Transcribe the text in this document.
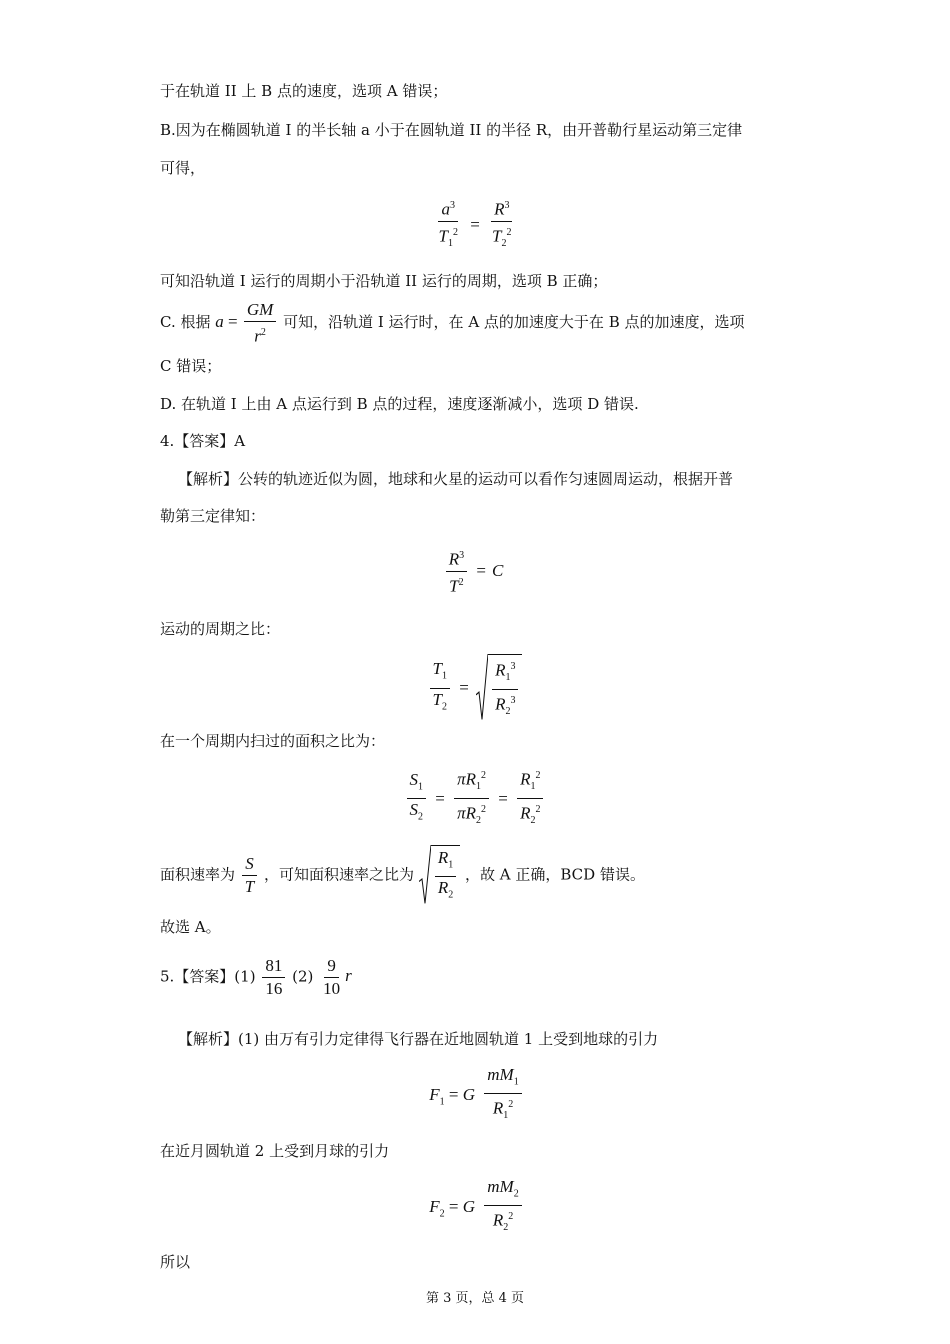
于在轨道 II 上 B 点的速度，选项 A 错误；
B.因为在椭圆轨道 I 的半长轴 a 小于在圆轨道 II 的半径 R，由开普勒行星运动第三定律
可得，
$\frac{a^3}{T_1^2} = \frac{R^3}{T_2^2}$
可知沿轨道 I 运行的周期小于沿轨道 II 运行的周期，选项 B 正确；
C. 根据 $a = \frac{GM}{r^2}$ 可知，沿轨道 I 运行时，在 A 点的加速度大于在 B 点的加速度，选项
C 错误；
D. 在轨道 I 上由 A 点运行到 B 点的过程，速度逐渐减小，选项 D 错误.
4.【答案】A
【解析】公转的轨迹近似为圆，地球和火星的运动可以看作匀速圆周运动，根据开普
勒第三定律知：
$\frac{R^3}{T^2} = C$
运动的周期之比：
$\frac{T_1}{T_2} = \frac{R_1^3}{R_2^3}$
在一个周期内扫过的面积之比为：
$\frac{S_1}{S_2} = \frac{\pi R_1^2}{\pi R_2^2} = \frac{R_1^2}{R_2^2}$
面积速率为 $\frac{S}{T}$ ，可知面积速率之比为 $\frac{R_1}{R_2}$ ，故 A 正确，BCD 错误。
故选 A。
5.【答案】$(1) \frac{81}{16} (2) \frac{9}{10}$ r
【解析】(1) 由万有引力定律得飞行器在近地圆轨道 1 上受到地球的引力
$F_1 = G \frac{mM_1}{R_1^2}$
在近月圆轨道 2 上受到月球的引力
$F_2 = G \frac{mM_2}{R_2^2}$
所以
第 3 页，总 4 页
